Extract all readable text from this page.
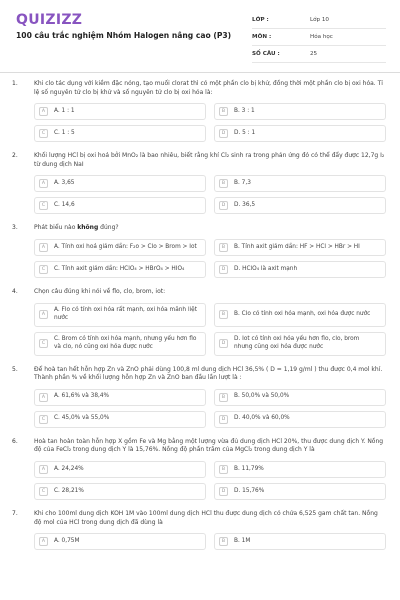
QUIZIZZ
100 câu trắc nghiệm Nhóm Halogen nâng cao (P3)
LỚP :	Lớp 10
MÔN :	Hóa học
SỐ CÂU :	25
1.	Khi clo tác dụng với kiềm đặc nóng, tạo muối clorat thì có một phần clo bị khử, đồng thời một phần clo bị oxi hóa. Tỉ lệ số nguyên tử clo bị khử và số nguyên tử clo bị oxi hóa là:
A	A. 1 : 1	B	B. 3 : 1
C	C. 1 : 5	D	D. 5 : 1
2.	Khối lượng HCl bị oxi hoá bởi MnO₂ là bao nhiêu, biết rằng khí Cl₂ sinh ra trong phản ứng đó có thể đẩy được 12,7g I₂ từ dung dịch NaI
A	A. 3,65	B	B. 7,3
C	C. 14,6	D	D. 36,5
3.	Phát biểu nào không đúng?
A	A. Tính oxi hoá giảm dần: F₂o > Clo > Brom > Iot	B	B. Tính axit giảm dần: HF > HCl > HBr > HI
C	C. Tính axit giảm dần: HClO₄ > HBrO₄ > HIO₄	D	D. HClO₄ là axit mạnh
4.	Chọn câu đúng khi nói về flo, clo, brom, iot:
A
A. Flo có tính oxi hóa rất mạnh, oxi hóa mãnh liệt nước	B	B. Clo có tính oxi hóa mạnh, oxi hóa được nước
C
C. Brom có tính oxi hóa mạnh, nhưng yếu hơn flo và clo, nó cũng oxi hóa được nước	D
D. Iot có tính oxi hóa yếu hơn flo, clo, brom nhưng cũng oxi hóa được nước
5.	Để hoà tan hết hỗn hợp Zn và ZnO phải dùng 100,8 ml dung dịch HCl 36,5% ( D = 1,19 g/ml ) thu được 0,4 mol khí. Thành phần % về khối lượng hỗn hợp Zn và ZnO ban đầu lần lượt là :
A	A. 61,6% và 38,4%	B	B. 50,0% và 50,0%
C	C. 45,0% và 55,0%	D	D. 40,0% và 60,0%
6.	Hoà tan hoàn toàn hỗn hợp X gồm Fe và Mg bằng một lượng vừa đủ dung dịch HCl 20%, thu được dung dịch Y. Nồng độ của FeCl₂ trong dung dịch Y là 15,76%. Nồng độ phần trăm của MgCl₂ trong dung dịch Y là
A	A. 24,24%	B	B. 11,79%
C	C. 28,21%	D	D. 15,76%
7.	Khi cho 100ml dung dịch KOH 1M vào 100ml dung dịch HCl thu được dung dịch có chứa 6,525 gam chất tan. Nồng độ mol của HCl trong dung dịch đã dùng là
A	A. 0,75M	B	B. 1M
